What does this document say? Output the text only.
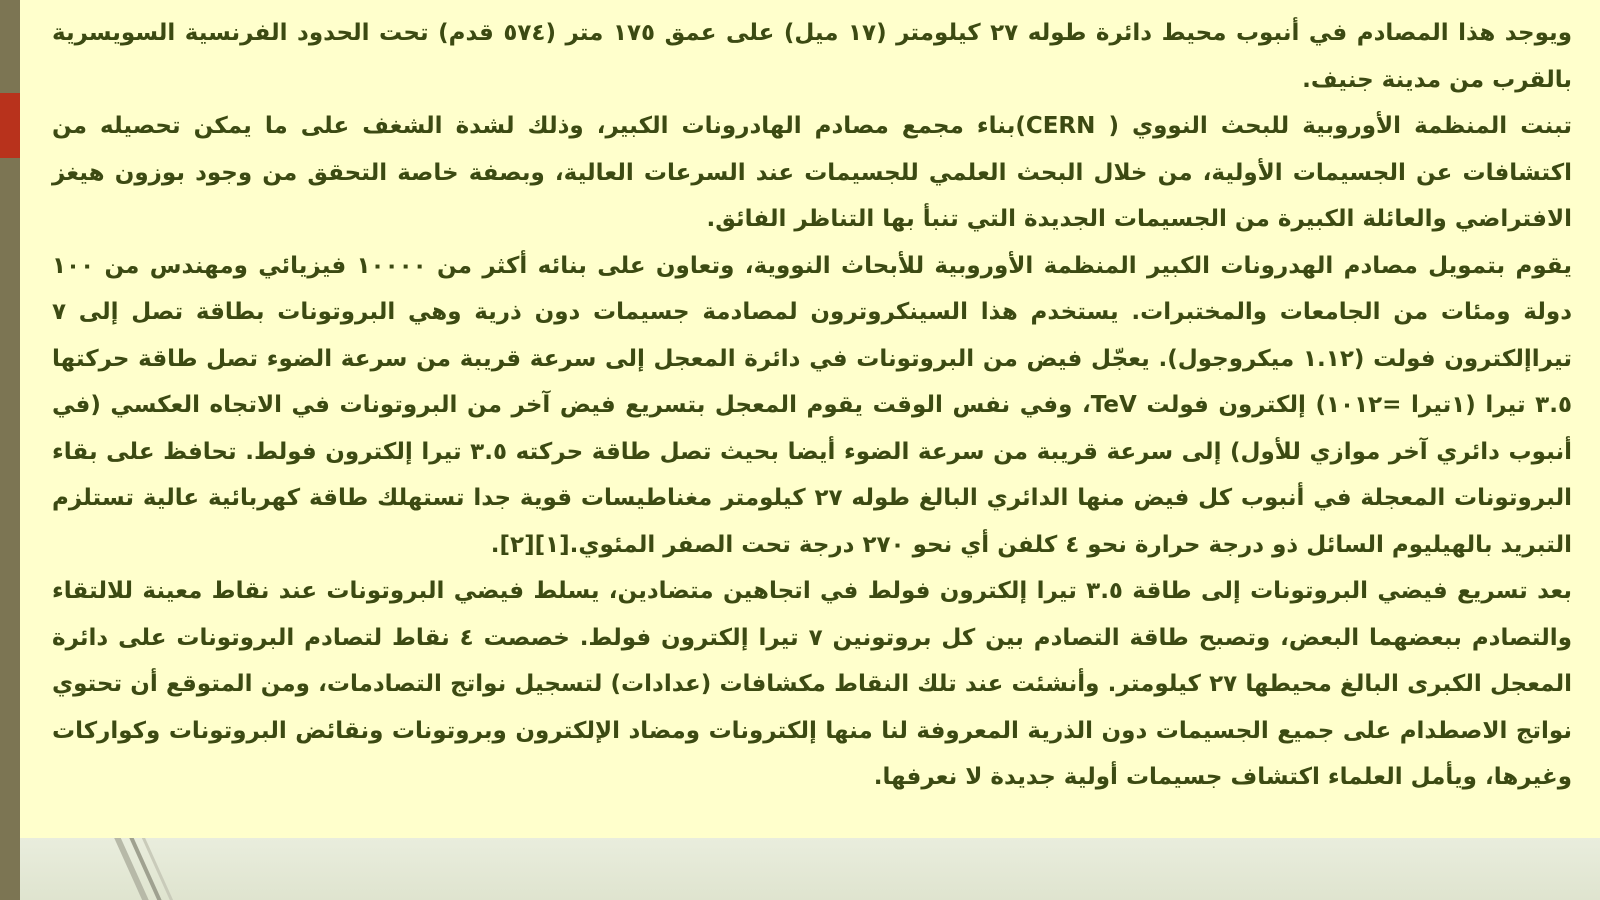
ويوجد هذا المصادم في أنبوب محيط دائرة طوله ٢٧ كيلومتر (١٧ ميل) على عمق ١٧٥ متر (٥٧٤ قدم) تحت الحدود الفرنسية السويسرية بالقرب من مدينة جنيف.

تبنت المنظمة الأوروبية للبحث النووي ( CERN)بناء مجمع مصادم الهادرونات الكبير، وذلك لشدة الشغف على ما يمكن تحصيله من اكتشافات عن الجسيمات الأولية، من خلال البحث العلمي للجسيمات عند السرعات العالية، وبصفة خاصة التحقق من وجود بوزون هيغز الافتراضي والعائلة الكبيرة من الجسيمات الجديدة التي تنبأ بها التناظر الفائق.

يقوم بتمويل مصادم الهدرونات الكبير المنظمة الأوروبية للأبحاث النووية، وتعاون على بنائه أكثر من ١٠٠٠٠ فيزيائي ومهندس من ١٠٠ دولة ومئات من الجامعات والمختبرات. يستخدم هذا السينكروترون لمصادمة جسيمات دون ذرية وهي البروتونات بطاقة تصل إلى ٧ تيراإلكترون فولت (١.١٢ ميكروجول). يعجّل فيض من البروتونات في دائرة المعجل إلى سرعة قريبة من سرعة الضوء تصل طاقة حركتها ٣.٥ تيرا (١تيرا =١٠١٢) إلكترون فولت TeV، وفي نفس الوقت يقوم المعجل بتسريع فيض آخر من البروتونات في الاتجاه العكسي (في أنبوب دائري آخر موازي للأول) إلى سرعة قريبة من سرعة الضوء أيضا بحيث تصل طاقة حركته ٣.٥ تيرا إلكترون فولط. تحافظ على بقاء البروتونات المعجلة في أنبوب كل فيض منها الدائري البالغ طوله ٢٧ كيلومتر مغناطيسات قوية جدا تستهلك طاقة كهربائية عالية تستلزم التبريد بالهيليوم السائل ذو درجة حرارة نحو ٤ كلفن أي نحو ٢٧٠ درجة تحت الصفر المئوي.[١][٢].

بعد تسريع فيضي البروتونات إلى طاقة ٣.٥ تيرا إلكترون فولط في اتجاهين متضادين، يسلط فيضي البروتونات عند نقاط معينة للالتقاء والتصادم ببعضهما البعض، وتصبح طاقة التصادم بين كل بروتونين ٧ تيرا إلكترون فولط. خصصت ٤ نقاط لتصادم البروتونات على دائرة المعجل الكبرى البالغ محيطها ٢٧ كيلومتر. وأنشئت عند تلك النقاط مكشافات (عدادات) لتسجيل نواتج التصادمات، ومن المتوقع أن تحتوي نواتج الاصطدام على جميع الجسيمات دون الذرية المعروفة لنا منها إلكترونات ومضاد الإلكترون وبروتونات ونقائض البروتونات وكواركات وغيرها، ويأمل العلماء اكتشاف جسيمات أولية جديدة لا نعرفها.
